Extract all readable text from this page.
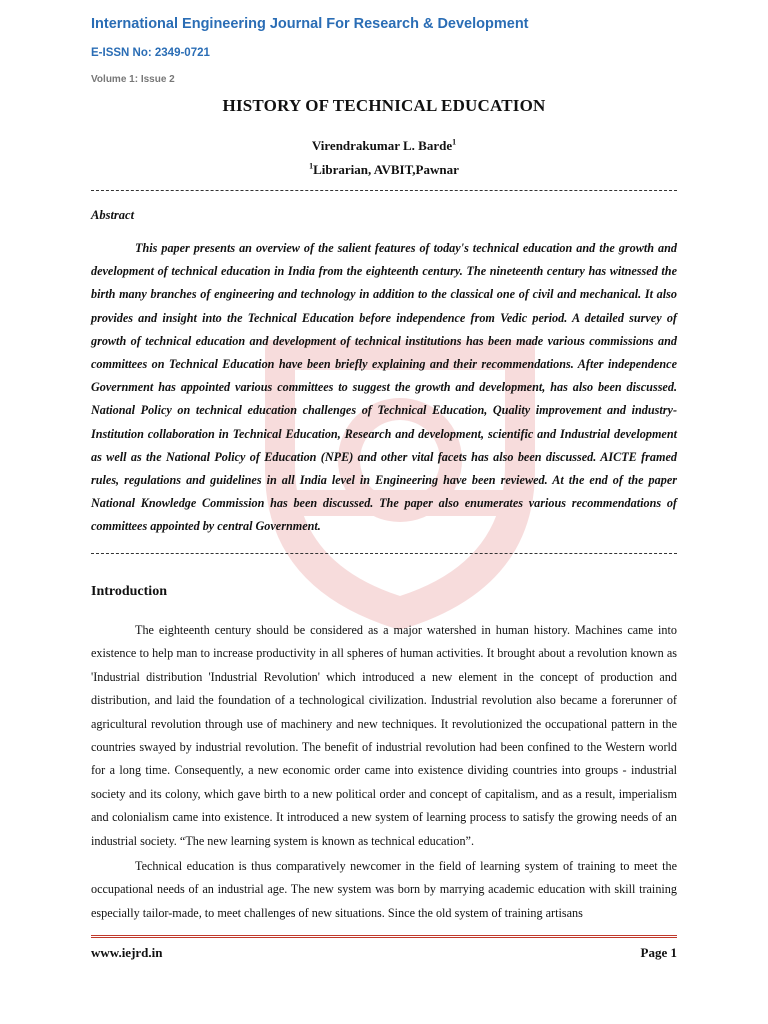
International Engineering Journal For Research & Development
E-ISSN No: 2349-0721
Volume 1: Issue 2
HISTORY OF TECHNICAL EDUCATION
Virendrakumar L. Barde$^1$
$^1$Librarian, AVBIT,Pawnar
Abstract

This paper presents an overview of the salient features of today's technical education and the growth and development of technical education in India from the eighteenth century. The nineteenth century has witnessed the birth many branches of engineering and technology in addition to the classical one of civil and mechanical. It also provides and insight into the Technical Education before independence from Vedic period. A detailed survey of growth of technical education and development of technical institutions has been made various commissions and committees on Technical Education have been briefly explaining and their recommendations. After independence Government has appointed various committees to suggest the growth and development, has also been discussed. National Policy on technical education challenges of Technical Education, Quality improvement and industry-Institution collaboration in Technical Education, Research and development, scientific and Industrial development as well as the National Policy of Education (NPE) and other vital facets has also been discussed. AICTE framed rules, regulations and guidelines in all India level in Engineering have been reviewed. At the end of the paper National Knowledge Commission has been discussed. The paper also enumerates various recommendations of committees appointed by central Government.

Introduction

The eighteenth century should be considered as a major watershed in human history. Machines came into existence to help man to increase productivity in all spheres of human activities. It brought about a revolution known as 'Industrial distribution 'Industrial Revolution' which introduced a new element in the concept of production and distribution, and laid the foundation of a technological civilization. Industrial revolution also became a forerunner of agricultural revolution through use of machinery and new techniques. It revolutionized the occupational pattern in the countries swayed by industrial revolution. The benefit of industrial revolution had been confined to the Western world for a long time. Consequently, a new economic order came into existence dividing countries into groups - industrial society and its colony, which gave birth to a new political order and concept of capitalism, and as a result, imperialism and colonialism came into existence. It introduced a new system of learning process to satisfy the growing needs of an industrial society. “The new learning system is known as technical education”.

Technical education is thus comparatively newcomer in the field of learning system of training to meet the occupational needs of an industrial age. The new system was born by marrying academic education with skill training especially tailor-made, to meet challenges of new situations. Since the old system of training artisans

www.iejrd.in	Page 1
